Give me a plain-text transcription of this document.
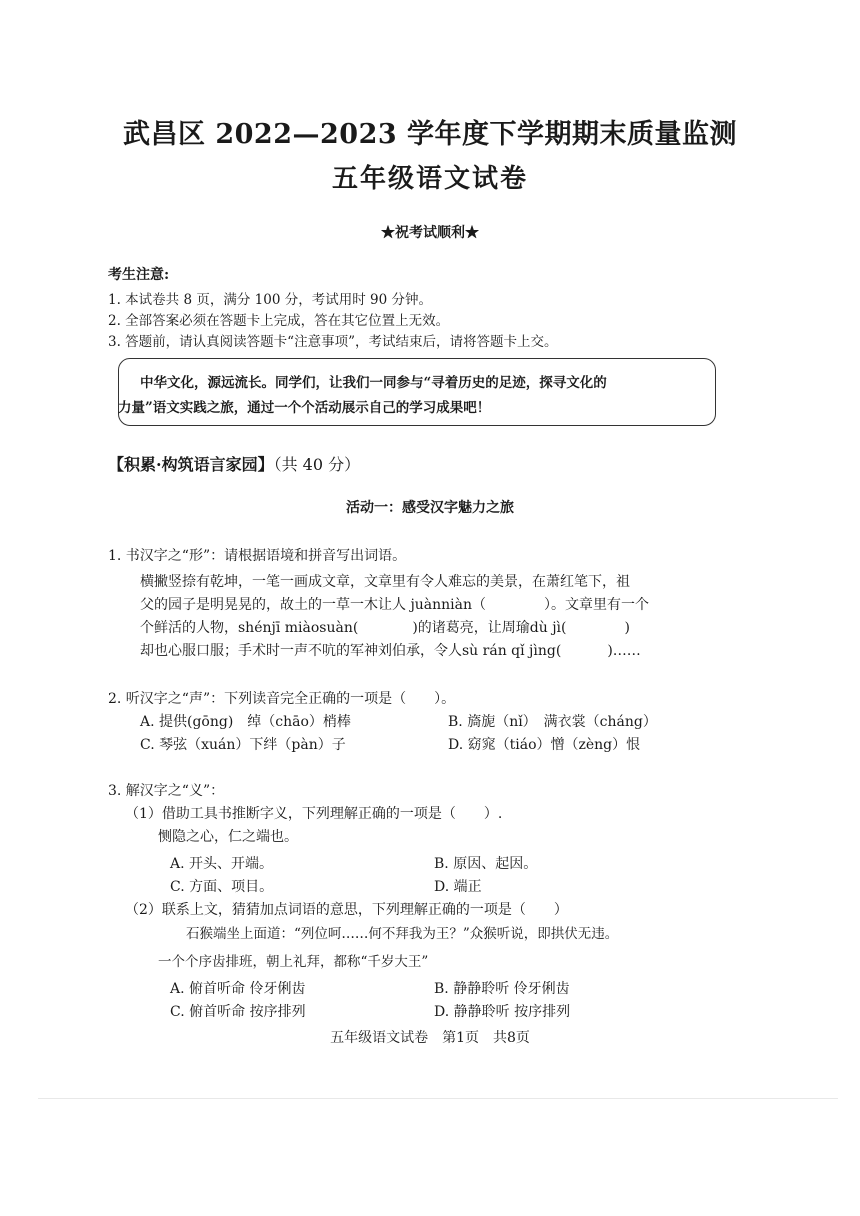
武昌区 2022—2023 学年度下学期期末质量监测
五年级语文试卷
★祝考试顺利★
考生注意:
1. 本试卷共 8 页，满分 100 分，考试用时 90 分钟。
2. 全部答案必须在答题卡上完成，答在其它位置上无效。
3. 答题前，请认真阅读答题卡“注意事项”，考试结束后，请将答题卡上交。
中华文化，源远流长。同学们，让我们一同参与“寻着历史的足迹，探寻文化的
力量”语文实践之旅，通过一个个活动展示自己的学习成果吧！
【积累·构筑语言家园】（共 40 分）
活动一：感受汉字魅力之旅
1. 书汉字之“形”：请根据语境和拼音写出词语。
横撇竖捺有乾坤，一笔一画成文章，文章里有令人难忘的美景，在萧红笔下，祖
父的园子是明晃晃的，故土的一草一木让人 juànniàn（	）。文章里有一个
个鲜活的人物，shénjī miàosuàn(	)的诸葛亮，让周瑜dù jì(	)
却也心服口服；手术时一声不吭的军神刘伯承，令人sù rán qǐ jìng(	)……
2. 听汉字之“声”：下列读音完全正确的一项是（　　）。
A. 提供(gōng)　绰（chāo）梢棒	B. 旖旎（nǐ）　满衣裳（cháng）
C. 琴弦（xuán）下绊（pàn）子	D. 窈窕（tiáo）憎（zèng）恨
3. 解汉字之“义”：
（1）借助工具书推断字义，下列理解正确的一项是（　　）.
恻隐之心，仁之端也。
A. 开头、开端。	B. 原因、起因。
C. 方面、项目。	D. 端正
（2）联系上文，猜猜加点词语的意思，下列理解正确的一项是（　　）
石猴端坐上面道：“列位呵……何不拜我为王？”众猴听说，即拱伏无违。
一个个序齿排班，朝上礼拜，都称“千岁大王”
A. 俯首听命 伶牙俐齿	B. 静静聆听 伶牙俐齿
C. 俯首听命 按序排列	D. 静静聆听 按序排列
五年级语文试卷　第1页　共8页
